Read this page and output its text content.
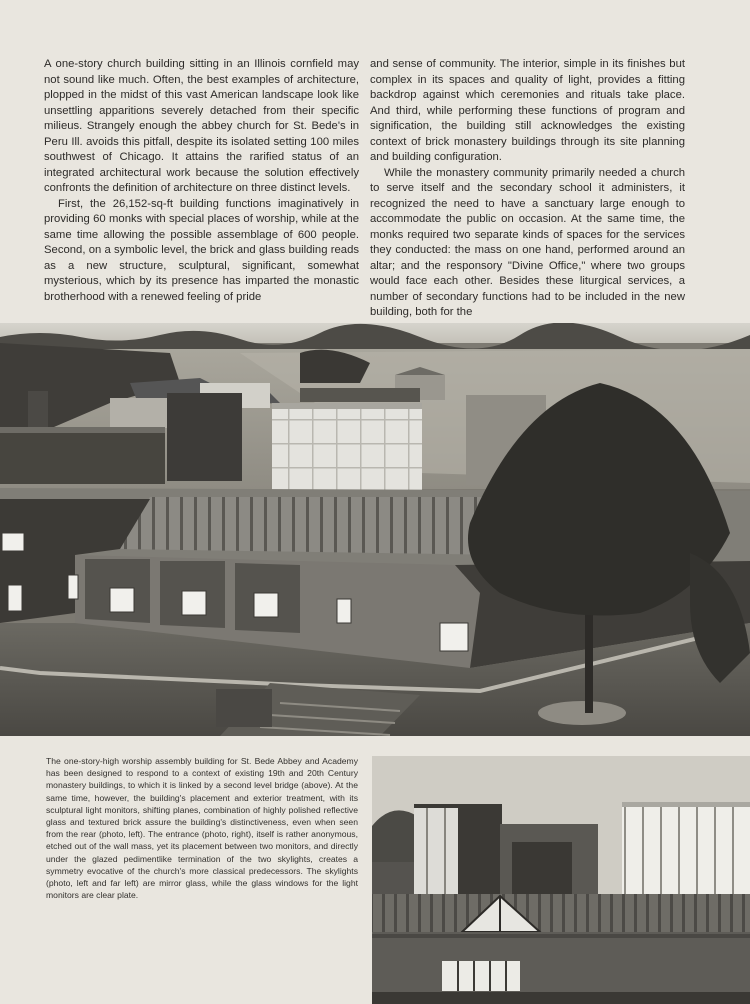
A one-story church building sitting in an Illinois cornfield may not sound like much. Often, the best examples of architecture, plopped in the midst of this vast American landscape look like unsettling apparitions severely detached from their specific milieus. Strangely enough the abbey church for St. Bede's in Peru Ill. avoids this pitfall, despite its isolated setting 100 miles southwest of Chicago. It attains the rarified status of an integrated architectural work because the solution effectively confronts the definition of architecture on three distinct levels.

First, the 26,152-sq-ft building functions imaginatively in providing 60 monks with special places of worship, while at the same time allowing the possible assemblage of 600 people. Second, on a symbolic level, the brick and glass building reads as a new structure, sculptural, significant, somewhat mysterious, which by its presence has imparted the monastic brotherhood with a renewed feeling of pride

and sense of community. The interior, simple in its finishes but complex in its spaces and quality of light, provides a fitting backdrop against which ceremonies and rituals take place. And third, while performing these functions of program and signification, the building still acknowledges the existing context of brick monastery buildings through its site planning and building configuration.

While the monastery community primarily needed a church to serve itself and the secondary school it administers, it recognized the need to have a sanctuary large enough to accommodate the public on occasion. At the same time, the monks required two separate kinds of spaces for the services they conducted: the mass on one hand, performed around an altar; and the responsory "Divine Office," where two groups would face each other. Besides these liturgical services, a number of secondary functions had to be included in the new building, both for the

The one-story-high worship assembly building for St. Bede Abbey and Academy has been designed to respond to a context of existing 19th and 20th Century monastery buildings, to which it is linked by a second level bridge (above). At the same time, however, the building's placement and exterior treatment, with its sculptural light monitors, shifting planes, combination of highly polished reflective glass and textured brick assure the building's distinctiveness, even when seen from the rear (photo, left). The entrance (photo, right), itself is rather anonymous, etched out of the wall mass, yet its placement between two monitors, and directly under the glazed pedimentlike termination of the two skylights, creates a symmetry evocative of the church's more classical predecessors. The skylights (photo, left and far left) are mirror glass, while the glass windows for the light monitors are clear plate.
